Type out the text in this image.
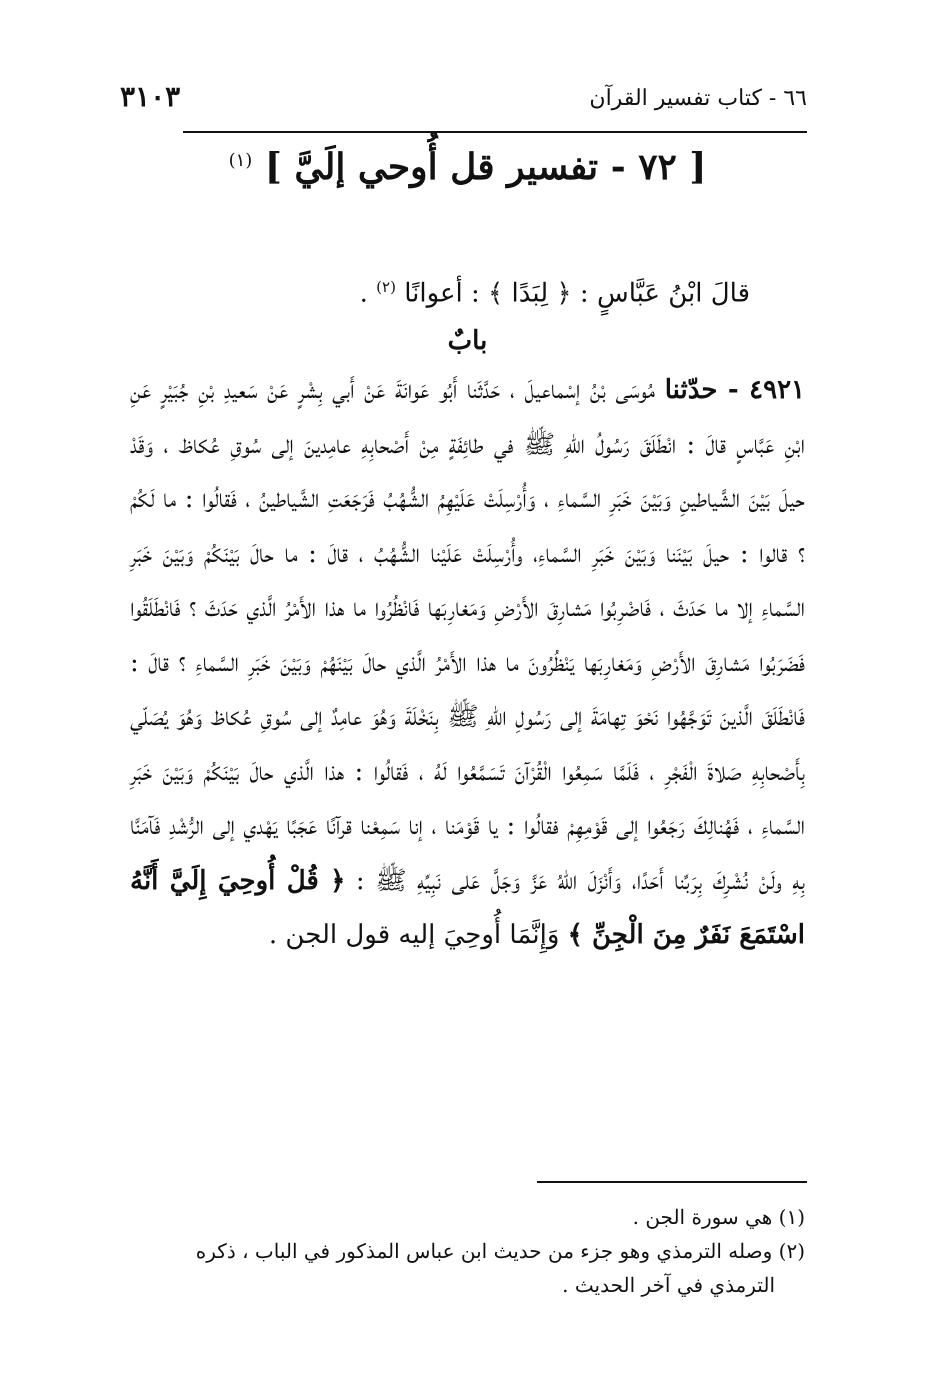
٦٦ - كتاب تفسير القرآن
٣١٠٣
[ ٧٢ - تفسير قل أُوحي إلَيَّ ] $^{(١)}$
قالَ ابْنُ عَبَّاسٍ : ﴿ لِبَدًا ﴾ : أعوانًا $^{(٢)}$ .
بابٌ
٤٩٢١ - حدّثنا مُوسَى بْنُ إسْماعيلَ ، حَدَّثَنا أَبُو عَوانَةَ عَنْ أَبي بِشْرٍ عَنْ سَعيدِ بْنِ جُبَيْرٍ عَنِ ابْنِ عَبَّاسٍ قالَ : انْطَلَقَ رَسُولُ اللهِ ﷺ في طائِفَةٍ مِنْ أَصْحابِهِ عامِدينَ إلى سُوقِ عُكاظ ، وَقَدْ حيلَ بَيْنَ الشَّياطينِ وَبَيْنَ خَبَرِ السَّماءِ ، وَأُرْسِلَتْ عَلَيْهِمُ الشُّهُبُ فَرَجَعَتِ الشَّياطينُ ، فَقالُوا : ما لَكُمْ ؟ قالوا : حيلَ بَيْنَنا وَبَيْنَ خَبَرِ السَّماءِ، وأُرْسِلَتْ عَلَيْنا الشُّهُبُ ، قالَ : ما حالَ بَيْنَكُمْ وَبَيْنَ خَبَرِ السَّماءِ إلا ما حَدَثَ ، فَاضْرِبُوا مَشارِقَ الأَرْضِ وَمَغارِبَها فَانْظُرُوا ما هذا الأَمْرُ الَّذي حَدَثَ ؟ فَانْطَلَقُوا فَضَرَبُوا مَشارِقَ الأَرْضِ وَمَغارِبَها يَنْظُرُونَ ما هذا الأَمْرُ الَّذي حالَ بَيْنَهُمْ وَبَيْنَ خَبَرِ السَّماءِ ؟ قالَ : فَانْطَلَقَ الَّذينَ تَوَجَّهُوا نَحْوَ تِهامَةَ إلى رَسُولِ اللهِ ﷺ بِنَخْلَةَ وَهُوَ عامِدٌ إلى سُوقِ عُكاظ وَهُوَ يُصَلّي بِأَصْحابِهِ صَلاةَ الْفَجْرِ ، فَلَمَّا سَمِعُوا الْقُرْآنَ تَسَمَّعُوا لَهُ ، فَقالُوا : هذا الَّذي حالَ بَيْنَكُمْ وَبَيْنَ خَبَرِ السَّماءِ ، فَهُنالِكَ رَجَعُوا إلى قَوْمِهِمْ فقالُوا : يا قَوْمَنا ، إنا سَمِعْنا قرآنًا عَجَبًا يَهْدي إلى الرُّشْدِ فَآمَنَّا بِهِ ولَنْ نُشْرِكَ بِرَبِّنا أَحَدًا، وَأَنْزَلَ اللهُ عَزَّ وَجَلَّ عَلى نَبِيِّهِ ﷺ : ﴿ قُلْ أُوحِيَ إِلَيَّ أَنَّهُ اسْتَمَعَ نَفَرٌ مِنَ الْجِنِّ ﴾ وَإِنَّمَا أُوحِيَ إليه قول الجن .
(١) هي سورة الجن .
(٢) وصله الترمذي وهو جزء من حديث ابن عباس المذكور في الباب ، ذكره
الترمذي في آخر الحديث .
